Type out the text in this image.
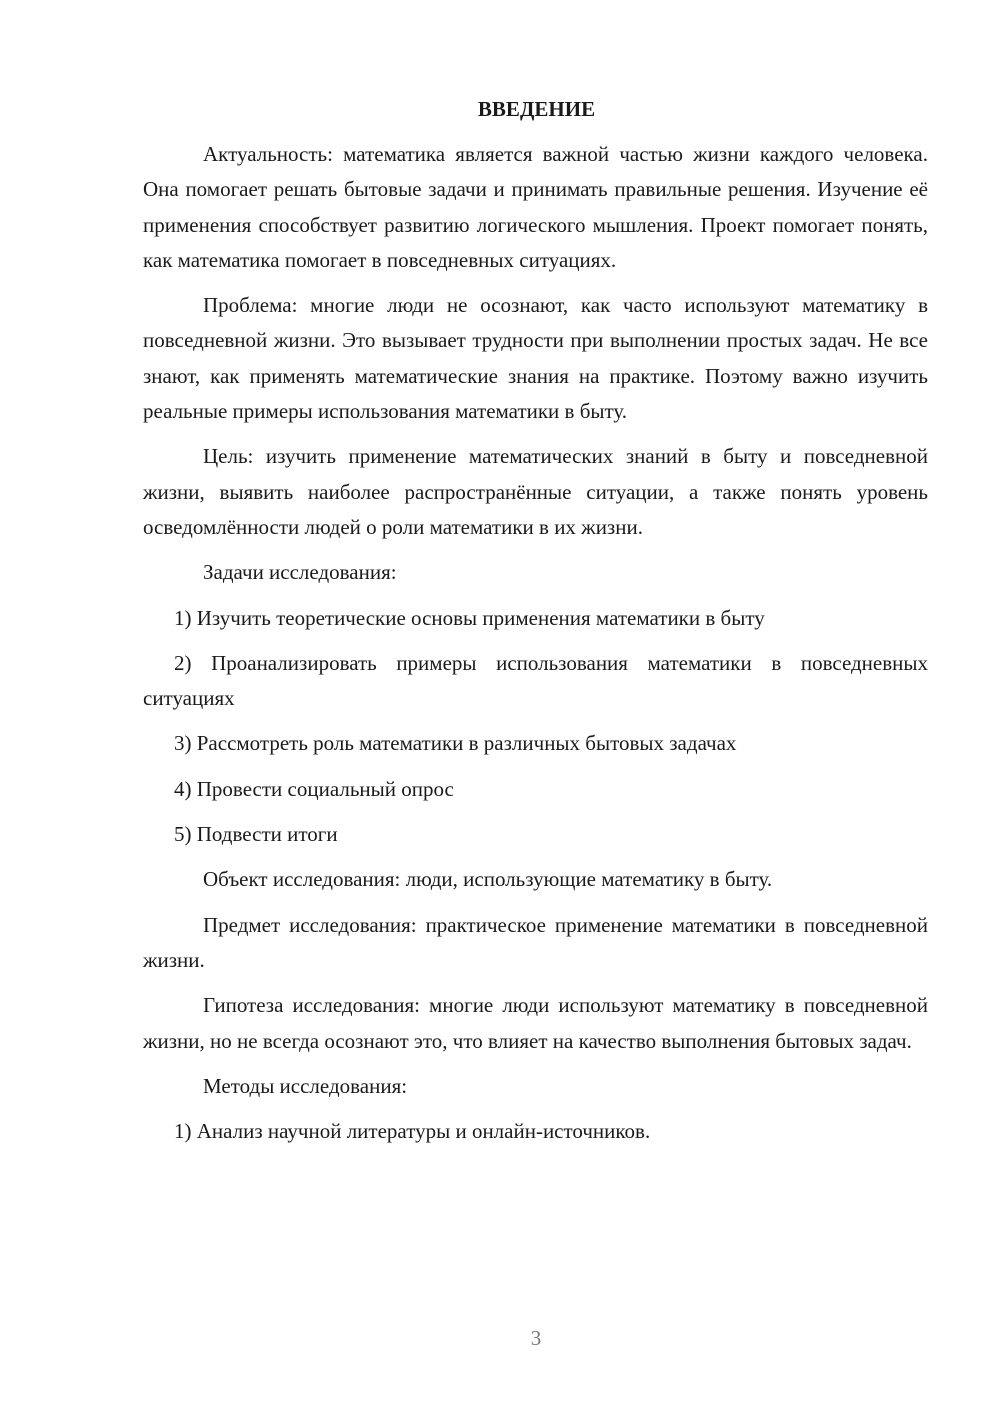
ВВЕДЕНИЕ

Актуальность: математика является важной частью жизни каждого человека. Она помогает решать бытовые задачи и принимать правильные решения. Изучение её применения способствует развитию логического мышления. Проект помогает понять, как математика помогает в повседневных ситуациях.

Проблема: многие люди не осознают, как часто используют математику в повседневной жизни. Это вызывает трудности при выполнении простых задач. Не все знают, как применять математические знания на практике. Поэтому важно изучить реальные примеры использования математики в быту.

Цель: изучить применение математических знаний в быту и повседневной жизни, выявить наиболее распространённые ситуации, а также понять уровень осведомлённости людей о роли математики в их жизни.

Задачи исследования:

1) Изучить теоретические основы применения математики в быту

2) Проанализировать примеры использования математики в повседневных ситуациях

3) Рассмотреть роль математики в различных бытовых задачах

4) Провести социальный опрос

5) Подвести итоги

Объект исследования: люди, использующие математику в быту.

Предмет исследования: практическое применение математики в повседневной жизни.

Гипотеза исследования: многие люди используют математику в повседневной жизни, но не всегда осознают это, что влияет на качество выполнения бытовых задач.

Методы исследования:

1) Анализ научной литературы и онлайн-источников.

3
